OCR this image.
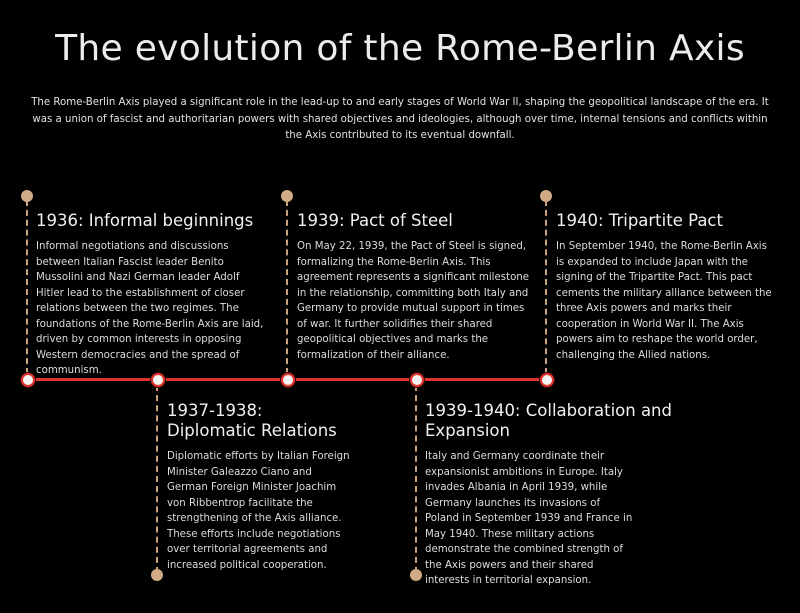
The evolution of the Rome-Berlin Axis
The Rome-Berlin Axis played a significant role in the lead-up to and early stages of World War II, shaping the geopolitical landscape of the era. It was a union of fascist and authoritarian powers with shared objectives and ideologies, although over time, internal tensions and conflicts within the Axis contributed to its eventual downfall.
1936: Informal beginnings

Informal negotiations and discussions between Italian Fascist leader Benito Mussolini and Nazi German leader Adolf Hitler lead to the establishment of closer relations between the two regimes. The foundations of the Rome-Berlin Axis are laid, driven by common interests in opposing Western democracies and the spread of communism.

1937-1938: Diplomatic Relations

Diplomatic efforts by Italian Foreign Minister Galeazzo Ciano and German Foreign Minister Joachim von Ribbentrop facilitate the strengthening of the Axis alliance. These efforts include negotiations over territorial agreements and increased political cooperation.

1939: Pact of Steel

On May 22, 1939, the Pact of Steel is signed, formalizing the Rome-Berlin Axis. This agreement represents a significant milestone in the relationship, committing both Italy and Germany to provide mutual support in times of war. It further solidifies their shared geopolitical objectives and marks the formalization of their alliance.

1939-1940: Collaboration and Expansion

Italy and Germany coordinate their expansionist ambitions in Europe. Italy invades Albania in April 1939, while Germany launches its invasions of Poland in September 1939 and France in May 1940. These military actions demonstrate the combined strength of the Axis powers and their shared interests in territorial expansion.

1940: Tripartite Pact

In September 1940, the Rome-Berlin Axis is expanded to include Japan with the signing of the Tripartite Pact. This pact cements the military alliance between the three Axis powers and marks their cooperation in World War II. The Axis powers aim to reshape the world order, challenging the Allied nations.
